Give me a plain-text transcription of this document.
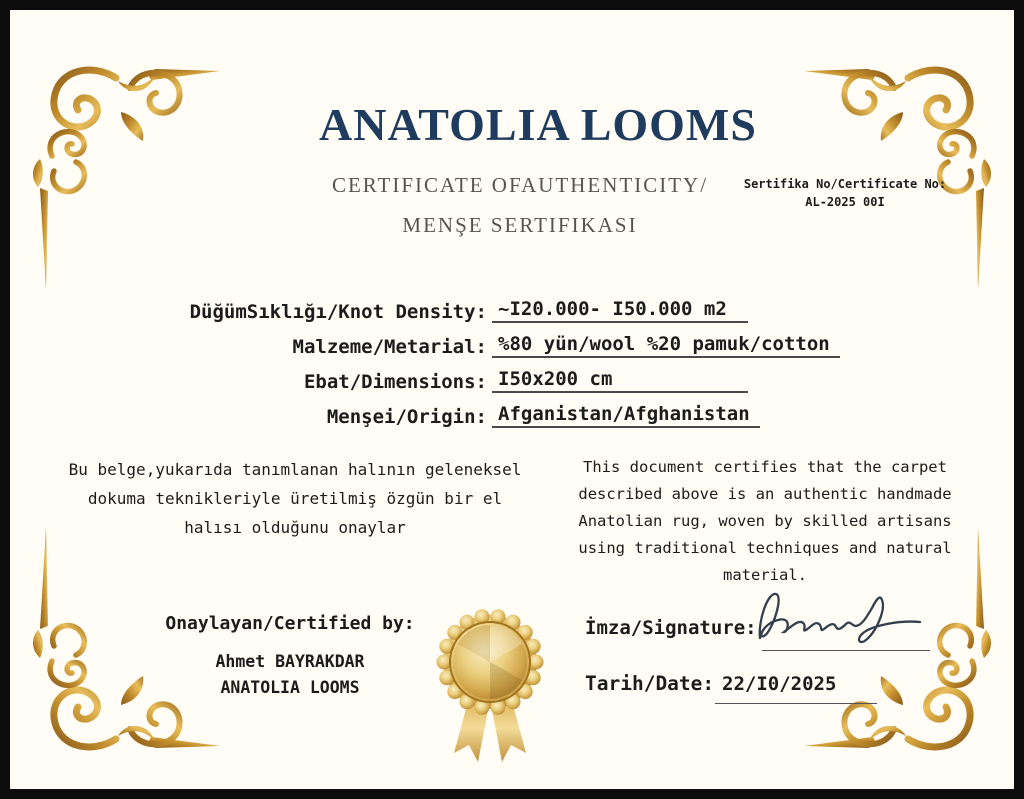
ANATOLIA LOOMS
CERTIFICATE OFAUTHENTICITY/
MENŞE SERTIFIKASI
Sertifika No/Certificate No:
AL-2025 00I
DüğümSıklığı/Knot Density: ~I20.000- I50.000 m2
Malzeme/Metarial: %80 yün/wool %20 pamuk/cotton
Ebat/Dimensions: I50x200 cm
Menşei/Origin: Afganistan/Afghanistan
Bu belge,yukarıda tanımlanan halının geleneksel
dokuma teknikleriyle üretilmiş özgün bir el
halısı olduğunu onaylar
This document certifies that the carpet
described above is an authentic handmade
Anatolian rug, woven by skilled artisans
using traditional techniques and natural
material.
Onaylayan/Certified by:
Ahmet BAYRAKDAR
ANATOLIA LOOMS
İmza/Signature:
Tarih/Date: 22/I0/2025
